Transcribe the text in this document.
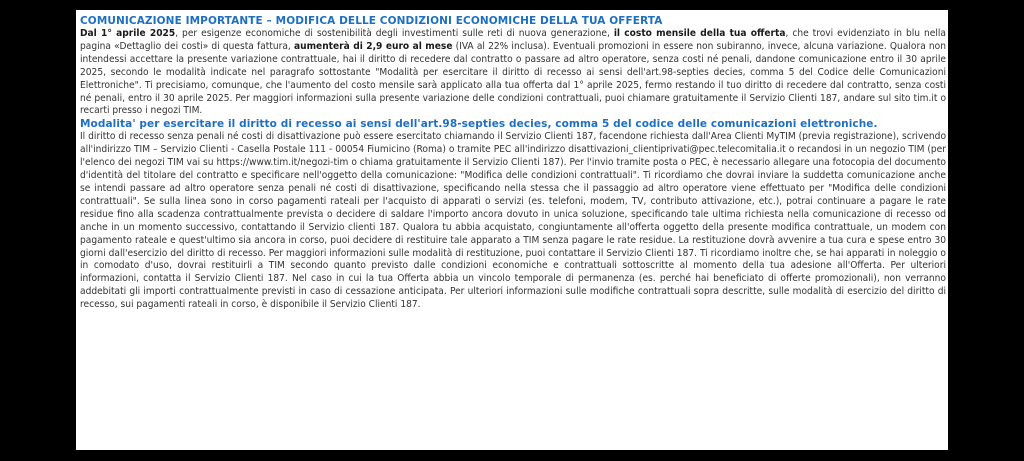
COMUNICAZIONE IMPORTANTE – MODIFICA DELLE CONDIZIONI ECONOMICHE DELLA TUA OFFERTA

Dal 1° aprile 2025, per esigenze economiche di sostenibilità degli investimenti sulle reti di nuova generazione, il costo mensile della tua offerta, che trovi evidenziato in blu nella pagina «Dettaglio dei costi» di questa fattura, aumenterà di 2,9 euro al mese (IVA al 22% inclusa). Eventuali promozioni in essere non subiranno, invece, alcuna variazione. Qualora non intendessi accettare la presente variazione contrattuale, hai il diritto di recedere dal contratto o passare ad altro operatore, senza costi né penali, dandone comunicazione entro il 30 aprile 2025, secondo le modalità indicate nel paragrafo sottostante "Modalità per esercitare il diritto di recesso ai sensi dell'art.98-septies decies, comma 5 del Codice delle Comunicazioni Elettroniche". Ti precisiamo, comunque, che l'aumento del costo mensile sarà applicato alla tua offerta dal 1° aprile 2025, fermo restando il tuo diritto di recedere dal contratto, senza costi né penali, entro il 30 aprile 2025. Per maggiori informazioni sulla presente variazione delle condizioni contrattuali, puoi chiamare gratuitamente il Servizio Clienti 187, andare sul sito tim.it o recarti presso i negozi TIM.

Modalita' per esercitare il diritto di recesso ai sensi dell'art.98-septies decies, comma 5 del codice delle comunicazioni elettroniche.

Il diritto di recesso senza penali né costi di disattivazione può essere esercitato chiamando il Servizio Clienti 187, facendone richiesta dall'Area Clienti MyTIM (previa registrazione), scrivendo all'indirizzo TIM – Servizio Clienti - Casella Postale 111 - 00054 Fiumicino (Roma) o tramite PEC all'indirizzo disattivazioni_clientiprivati@pec.telecomitalia.it o recandosi in un negozio TIM (per l'elenco dei negozi TIM vai su https://www.tim.it/negozi-tim o chiama gratuitamente il Servizio Clienti 187). Per l'invio tramite posta o PEC, è necessario allegare una fotocopia del documento d'identità del titolare del contratto e specificare nell'oggetto della comunicazione: "Modifica delle condizioni contrattuali". Ti ricordiamo che dovrai inviare la suddetta comunicazione anche se intendi passare ad altro operatore senza penali né costi di disattivazione, specificando nella stessa che il passaggio ad altro operatore viene effettuato per "Modifica delle condizioni contrattuali". Se sulla linea sono in corso pagamenti rateali per l'acquisto di apparati o servizi (es. telefoni, modem, TV, contributo attivazione, etc.), potrai continuare a pagare le rate residue fino alla scadenza contrattualmente prevista o decidere di saldare l'importo ancora dovuto in unica soluzione, specificando tale ultima richiesta nella comunicazione di recesso od anche in un momento successivo, contattando il Servizio clienti 187. Qualora tu abbia acquistato, congiuntamente all'offerta oggetto della presente modifica contrattuale, un modem con pagamento rateale e quest'ultimo sia ancora in corso, puoi decidere di restituire tale apparato a TIM senza pagare le rate residue. La restituzione dovrà avvenire a tua cura e spese entro 30 giorni dall'esercizio del diritto di recesso. Per maggiori informazioni sulle modalità di restituzione, puoi contattare il Servizio Clienti 187. Ti ricordiamo inoltre che, se hai apparati in noleggio o in comodato d'uso, dovrai restituirli a TIM secondo quanto previsto dalle condizioni economiche e contrattuali sottoscritte al momento della tua adesione all'Offerta. Per ulteriori informazioni, contatta il Servizio Clienti 187. Nel caso in cui la tua Offerta abbia un vincolo temporale di permanenza (es. perché hai beneficiato di offerte promozionali), non verranno addebitati gli importi contrattualmente previsti in caso di cessazione anticipata. Per ulteriori informazioni sulle modifiche contrattuali sopra descritte, sulle modalità di esercizio del diritto di recesso, sui pagamenti rateali in corso, è disponibile il Servizio Clienti 187.
